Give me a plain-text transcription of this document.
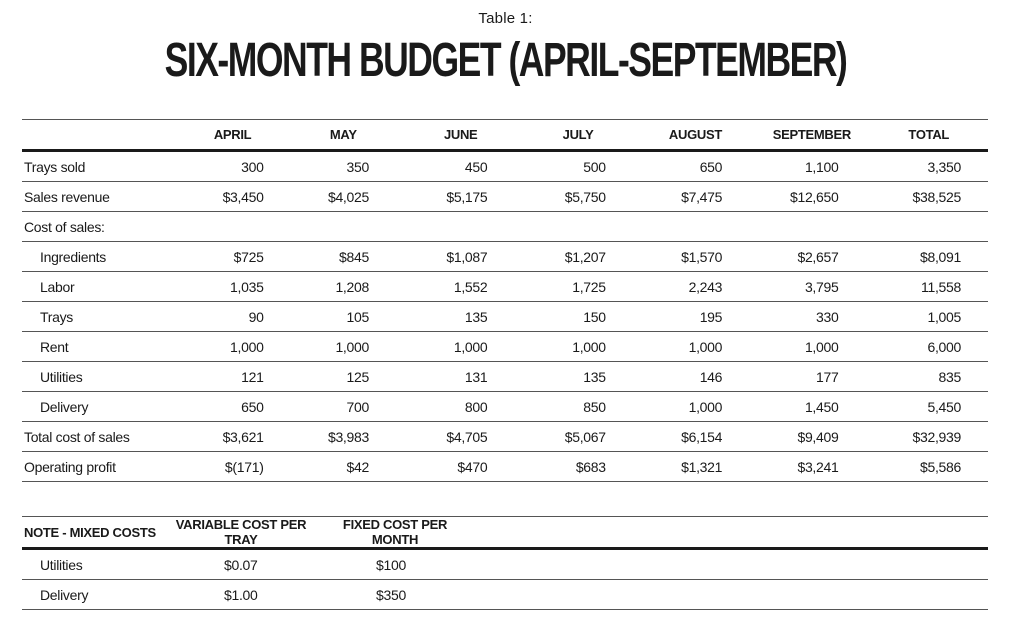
Table 1:
SIX-MONTH BUDGET (APRIL-SEPTEMBER)
	APRIL	MAY	JUNE	JULY	AUGUST	SEPTEMBER	TOTAL
Trays sold	300	350	450	500	650	1,100	3,350
Sales revenue	$3,450	$4,025	$5,175	$5,750	$7,475	$12,650	$38,525
Cost of sales:							
Ingredients	$725	$845	$1,087	$1,207	$1,570	$2,657	$8,091
Labor	1,035	1,208	1,552	1,725	2,243	3,795	11,558
Trays	90	105	135	150	195	330	1,005
Rent	1,000	1,000	1,000	1,000	1,000	1,000	6,000
Utilities	121	125	131	135	146	177	835
Delivery	650	700	800	850	1,000	1,450	5,450
Total cost of sales	$3,621	$3,983	$4,705	$5,067	$6,154	$9,409	$32,939
Operating profit	$(171)	$42	$470	$683	$1,321	$3,241	$5,586
NOTE - MIXED COSTS	VARIABLE COST PER TRAY	FIXED COST PER MONTH	
Utilities	$0.07	$100	
Delivery	$1.00	$350	
